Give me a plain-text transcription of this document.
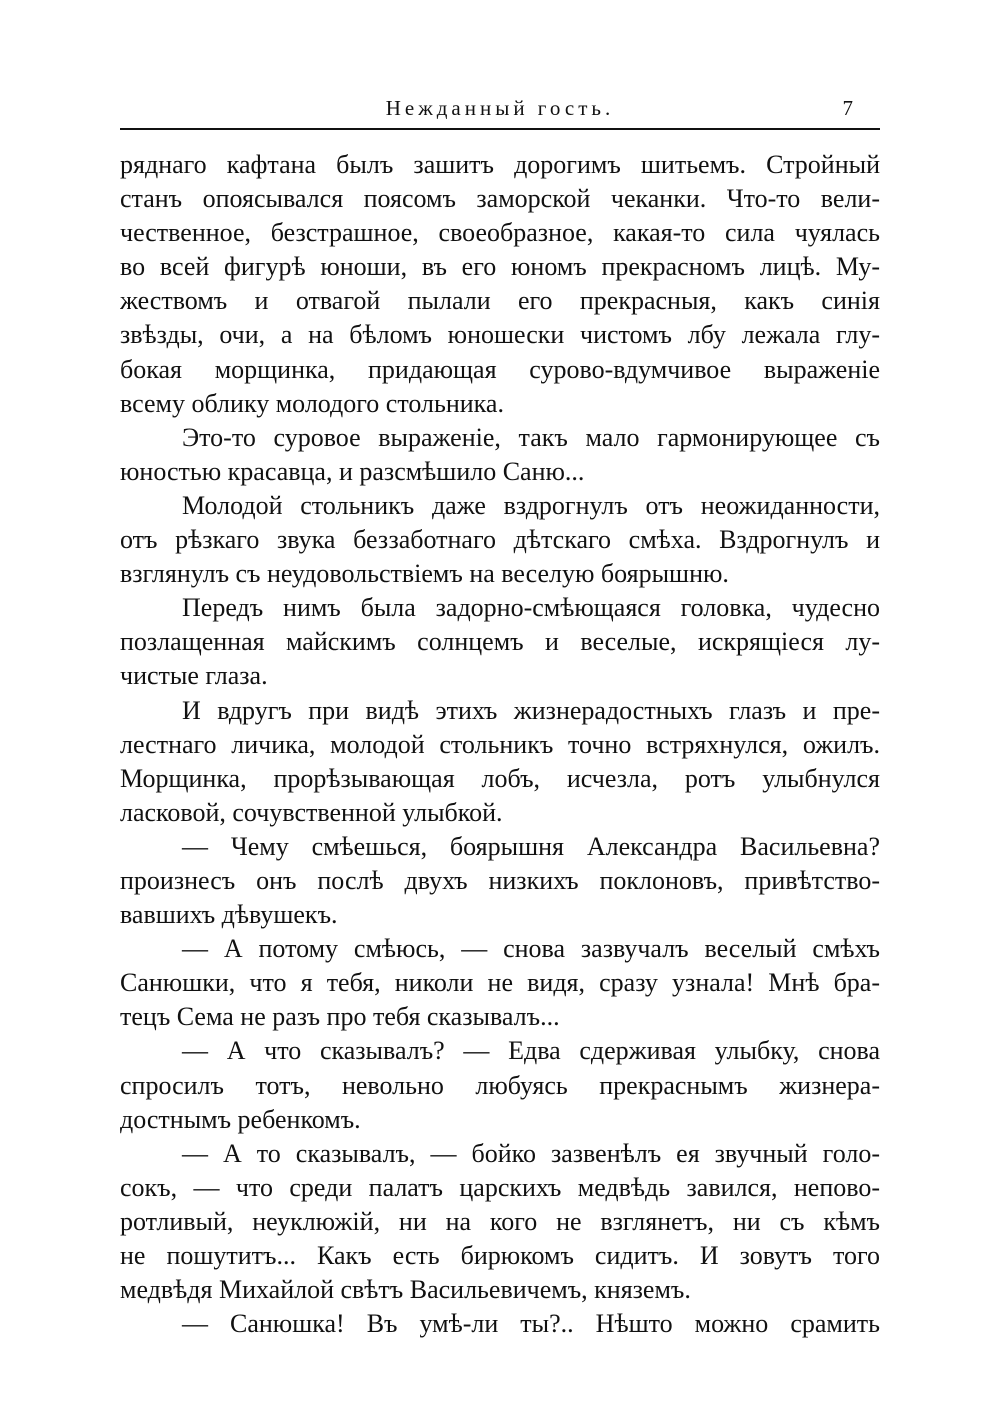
Нежданный гость.	7
ряднаго кафтана былъ зашитъ дорогимъ шитьемъ. Стройный
станъ опоясывался поясомъ заморской чеканки. Что-то вели-
чественное, безстрашное, своеобразное, какая-то сила чуялась
во всей фигурѣ юноши, въ его юномъ прекрасномъ лицѣ. Му-
жествомъ и отвагой пылали его прекрасныя, какъ синія
звѣзды, очи, а на бѣломъ юношески чистомъ лбу лежала глу-
бокая морщинка, придающая сурово-вдумчивое выраженіе
всему облику молодого стольника.
Это-то суровое выраженіе, такъ мало гармонирующее съ
юностью красавца, и разсмѣшило Саню...
Молодой стольникъ даже вздрогнулъ отъ неожиданности,
отъ рѣзкаго звука беззаботнаго дѣтскаго смѣха. Вздрогнулъ и
взглянулъ съ неудовольствіемъ на веселую боярышню.
Передъ нимъ была задорно-смѣющаяся головка, чудесно
позлащенная майскимъ солнцемъ и веселые, искрящіеся лу-
чистые глаза.
И вдругъ при видѣ этихъ жизнерадостныхъ глазъ и пре-
лестнаго личика, молодой стольникъ точно встряхнулся, ожилъ.
Морщинка, прорѣзывающая лобъ, исчезла, ротъ улыбнулся
ласковой, сочувственной улыбкой.
— Чему смѣешься, боярышня Александра Васильевна?
произнесъ онъ послѣ двухъ низкихъ поклоновъ, привѣтство-
вавшихъ дѣвушекъ.
— А потому смѣюсь, — снова зазвучалъ веселый смѣхъ
Санюшки, что я тебя, николи не видя, сразу узнала! Мнѣ бра-
тецъ Сема не разъ про тебя сказывалъ...
— А что сказывалъ? — Едва сдерживая улыбку, снова
спросилъ тотъ, невольно любуясь прекраснымъ жизнера-
достнымъ ребенкомъ.
— А то сказывалъ, — бойко зазвенѣлъ ея звучный голо-
сокъ, — что среди палатъ царскихъ медвѣдь завился, непово-
ротливый, неуклюжій, ни на кого не взглянетъ, ни съ кѣмъ
не пошутитъ... Какъ есть бирюкомъ сидитъ. И зовутъ того
медвѣдя Михайлой свѣтъ Васильевичемъ, княземъ.
— Санюшка! Въ умѣ-ли ты?.. Нѣшто можно срамить
